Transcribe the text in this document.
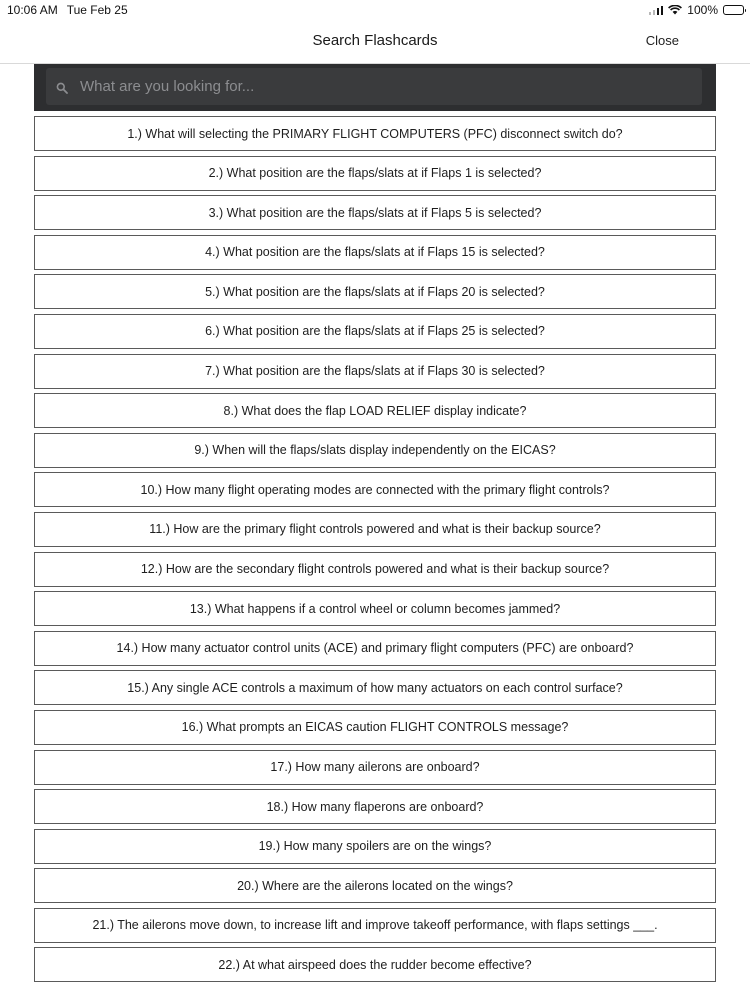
10:06 AM Tue Feb 25	100%
Search Flashcards	Close
What are you looking for...
1.) What will selecting the PRIMARY FLIGHT COMPUTERS (PFC) disconnect switch do?
2.) What position are the flaps/slats at if Flaps 1 is selected?
3.) What position are the flaps/slats at if Flaps 5 is selected?
4.) What position are the flaps/slats at if Flaps 15 is selected?
5.) What position are the flaps/slats at if Flaps 20 is selected?
6.) What position are the flaps/slats at if Flaps 25 is selected?
7.) What position are the flaps/slats at if Flaps 30 is selected?
8.) What does the flap LOAD RELIEF display indicate?
9.) When will the flaps/slats display independently on the EICAS?
10.) How many flight operating modes are connected with the primary flight controls?
11.) How are the primary flight controls powered and what is their backup source?
12.) How are the secondary flight controls powered and what is their backup source?
13.) What happens if a control wheel or column becomes jammed?
14.) How many actuator control units (ACE) and primary flight computers (PFC) are onboard?
15.) Any single ACE controls a maximum of how many actuators on each control surface?
16.) What prompts an EICAS caution FLIGHT CONTROLS message?
17.) How many ailerons are onboard?
18.) How many flaperons are onboard?
19.) How many spoilers are on the wings?
20.) Where are the ailerons located on the wings?
21.) The ailerons move down, to increase lift and improve takeoff performance, with flaps settings ___.
22.) At what airspeed does the rudder become effective?
